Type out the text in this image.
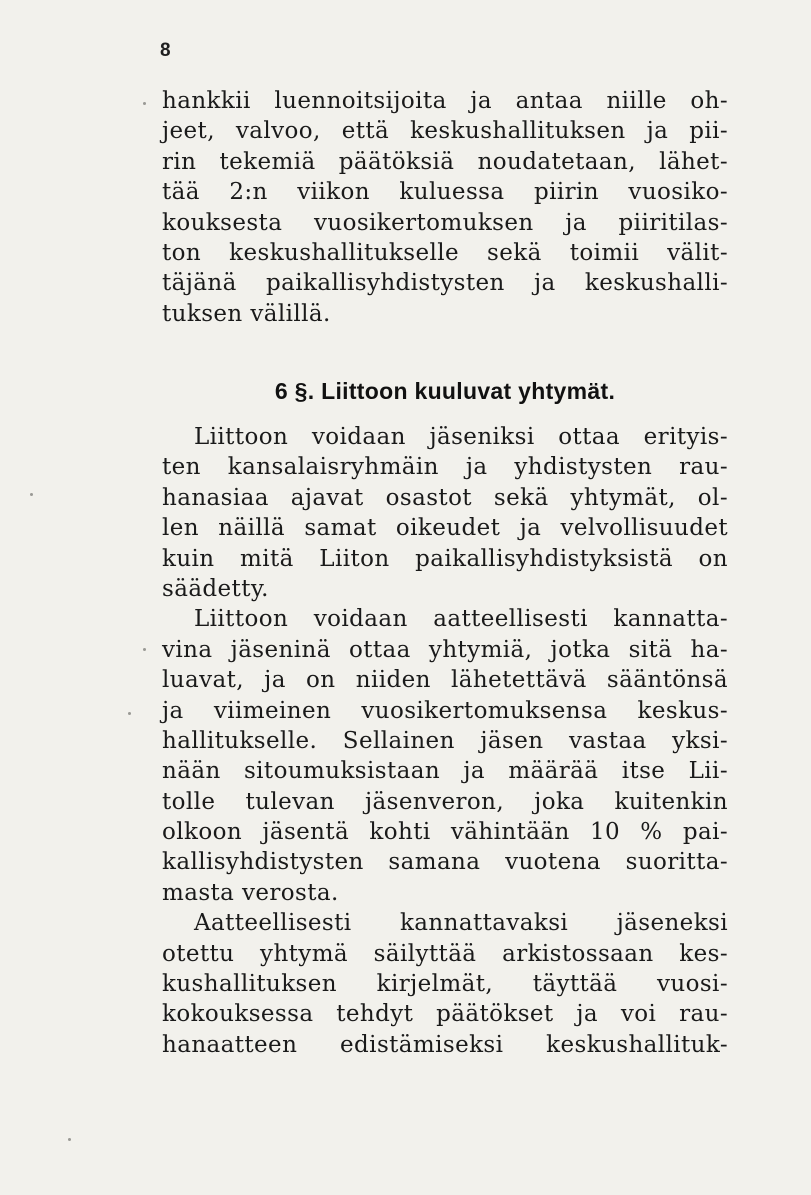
8
hankkii luennoitsijoita ja antaa niille oh-
jeet, valvoo, että keskushallituksen ja pii-
rin tekemiä päätöksiä noudatetaan, lähet-
tää 2:n viikon kuluessa piirin vuosiko-
kouksesta vuosikertomuksen ja piiritilas-
ton keskushallitukselle sekä toimii välit-
täjänä paikallisyhdistysten ja keskushalli-
tuksen välillä.
6 §. Liittoon kuuluvat yhtymät.
Liittoon voidaan jäseniksi ottaa erityis-
ten kansalaisryhmäin ja yhdistysten rau-
hanasiaa ajavat osastot sekä yhtymät, ol-
len näillä samat oikeudet ja velvollisuudet
kuin mitä Liiton paikallisyhdistyksistä on
säädetty.
Liittoon voidaan aatteellisesti kannatta-
vina jäseninä ottaa yhtymiä, jotka sitä ha-
luavat, ja on niiden lähetettävä sääntönsä
ja viimeinen vuosikertomuksensa keskus-
hallitukselle. Sellainen jäsen vastaa yksi-
nään sitoumuksistaan ja määrää itse Lii-
tolle tulevan jäsenveron, joka kuitenkin
olkoon jäsentä kohti vähintään 10 % pai-
kallisyhdistysten samana vuotena suoritta-
masta verosta.
Aatteellisesti kannattavaksi jäseneksi
otettu yhtymä säilyttää arkistossaan kes-
kushallituksen kirjelmät, täyttää vuosi-
kokouksessa tehdyt päätökset ja voi rau-
hanaatteen edistämiseksi keskushallituk-
